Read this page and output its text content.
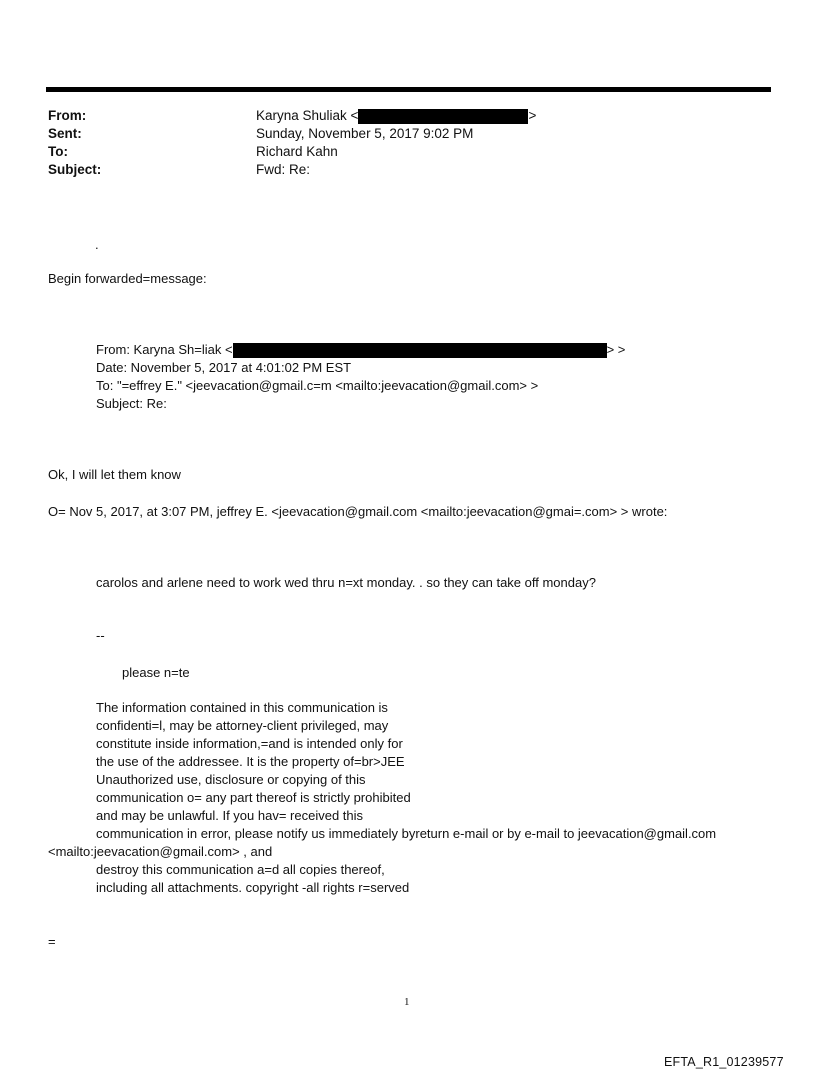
From:	Karyna Shuliak <	>
Sent:	Sunday, November 5, 2017 9:02 PM
To:	Richard Kahn
Subject:	Fwd: Re:
.
Begin forwarded=message:
From: Karyna Sh=liak <	> >
Date: November 5, 2017 at 4:01:02 PM EST
To: "=effrey E." <jeevacation@gmail.c=m <mailto:jeevacation@gmail.com> >
Subject: Re:
Ok, I will let them know
O= Nov 5, 2017, at 3:07 PM, jeffrey E. <jeevacation@gmail.com <mailto:jeevacation@gmai=.com> > wrote:
carolos and arlene need to work wed thru n=xt monday. . so they can take off monday?
--
please n=te
The information contained in this communication is
confidenti=l, may be attorney-client privileged, may
constitute inside information,=and is intended only for
the use of the addressee. It is the property of=br>JEE
Unauthorized use, disclosure or copying of this
communication o= any part thereof is strictly prohibited
and may be unlawful. If you hav= received this
communication in error, please notify us immediately byreturn e-mail or by e-mail to jeevacation@gmail.com
<mailto:jeevacation@gmail.com> , and
destroy this communication a=d all copies thereof,
including all attachments. copyright -all rights r=served
=
1
EFTA_R1_01239577
